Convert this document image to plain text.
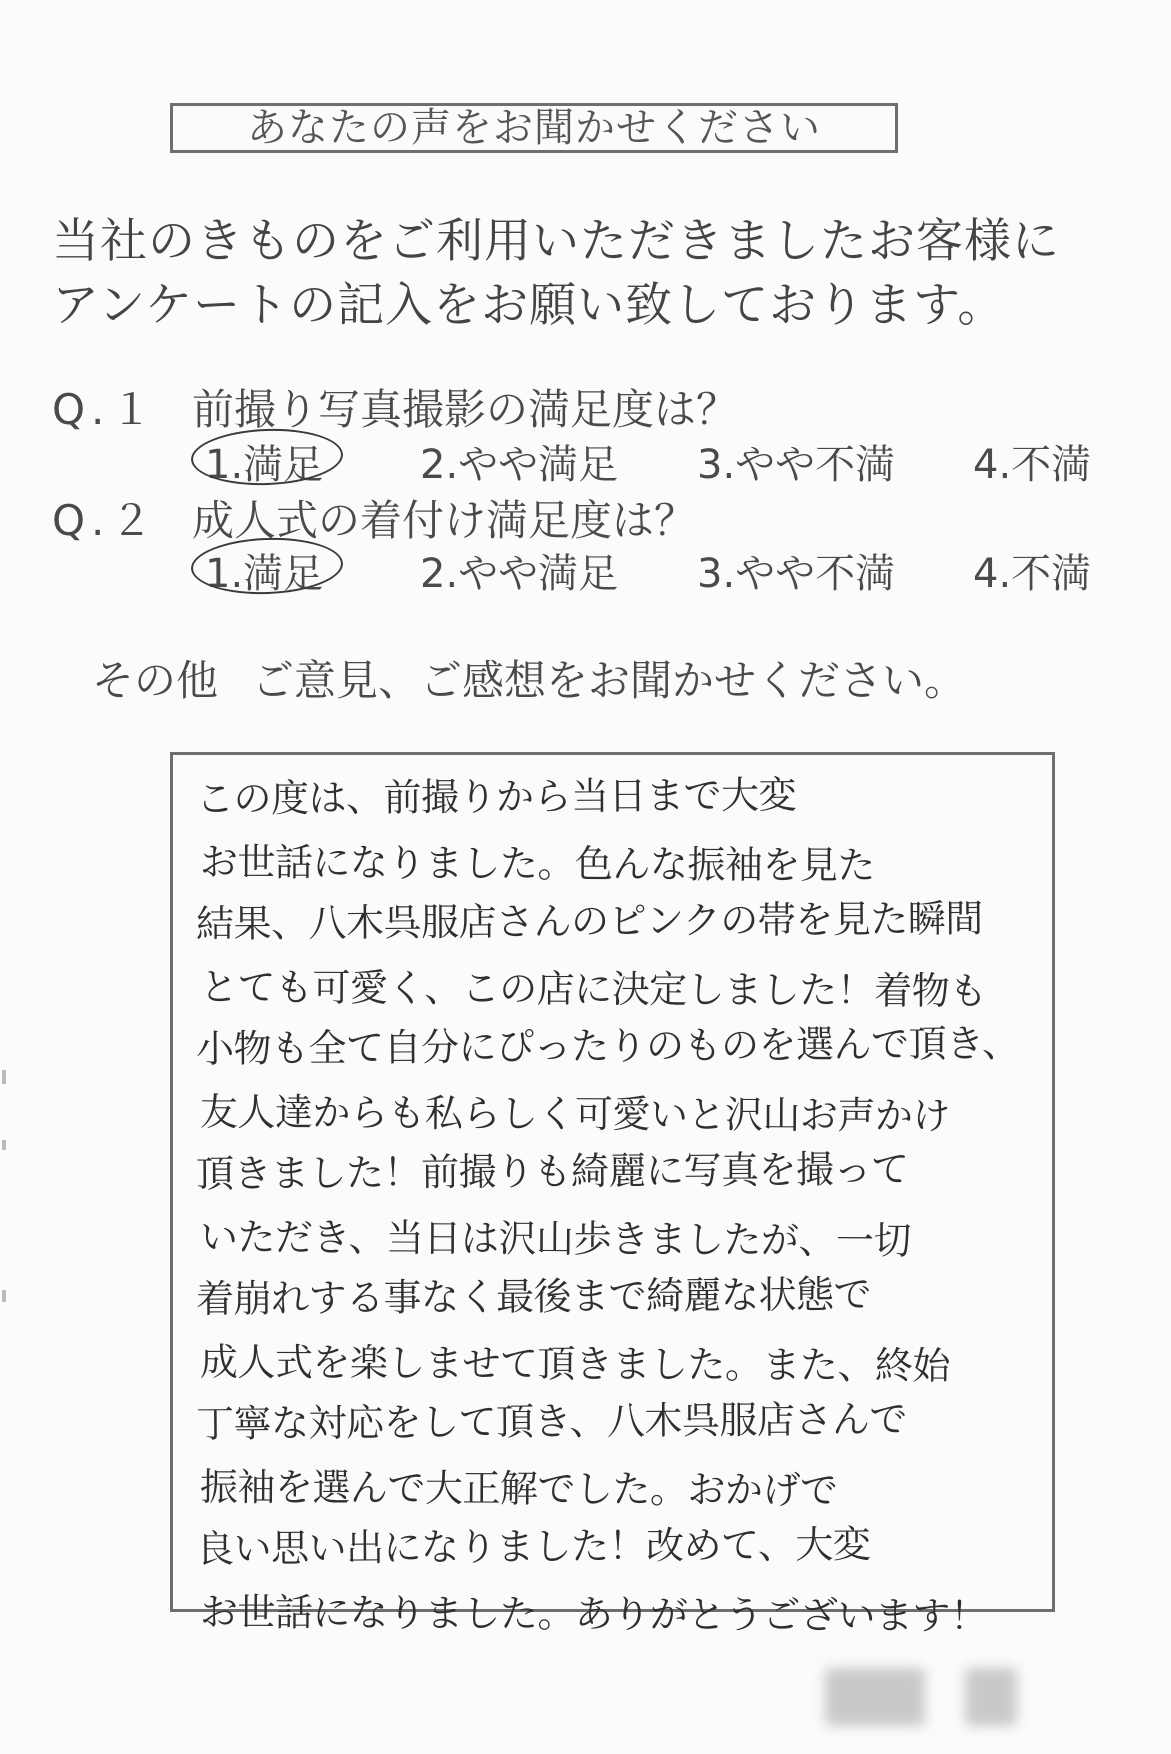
あなたの声をお聞かせください
当社のきものをご利用いただきましたお客様に
アンケートの記入をお願い致しております。
Q.１ 前撮り写真撮影の満足度は？
1.満足 2.やや満足 3.やや不満 4.不満
Q.２ 成人式の着付け満足度は？
1.満足 2.やや満足 3.やや不満 4.不満
その他 ご意見、ご感想をお聞かせください。
この度は、前撮りから当日まで大変
お世話になりました。色んな振袖を見た
結果、八木呉服店さんのピンクの帯を見た瞬間
とても可愛く、この店に決定しました！着物も
小物も全て自分にぴったりのものを選んで頂き、
友人達からも私らしく可愛いと沢山お声かけ
頂きました！前撮りも綺麗に写真を撮って
いただき、当日は沢山歩きましたが、一切
着崩れする事なく最後まで綺麗な状態で
成人式を楽しませて頂きました。また、終始
丁寧な対応をして頂き、八木呉服店さんで
振袖を選んで大正解でした。おかげで
良い思い出になりました！改めて、大変
お世話になりました。ありがとうございます！
